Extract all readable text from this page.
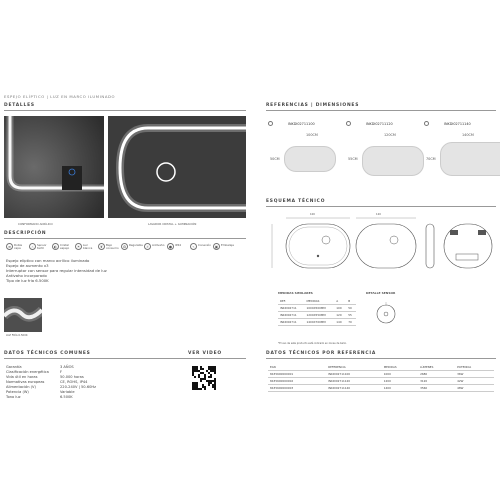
ESPEJO ELÍPTICO | LUZ EN MARCO ILUMINADO
DETALLES
CONFORMADO ACRÍLICO	LAVADOR CRISTAL + ILUMINACIÓN
DESCRIPCIÓN
≡	Doble capa	☝	Sensor táctil	◐	Cristal espejo	☀	Luz blanca	❦	Bajo consumo	⚙	Regulable ☼	Antivaho	●	IP44	⌁	Conexión	▣ Embalaje
Espejo elíptico con marco acrílico iluminado
Espejo de aumento x3
Interruptor con sensor para regular intensidad de luz
Antivaho incorporado
Tipo de luz fría 6.500K
LUZ FRÍA 6.500K
DATOS TÉCNICOS COMUNES	VER VIDEO
Garantía	3 AÑOS
Clasificación energética	F
Vida útil en horas	50.000 horas
Normativas europeas	CE, ROHS, IP44
Alimentación (V)	220-240V | 50-60Hz
Potencia (W)	Variable
Tono luz	6.500K
REFERENCIAS | DIMENSIONES
INKDI02711100
100CM
50CM
INKDI02711120
120CM
55CM
INKDI02711140
140CM
70CM
ESQUEMA TÉCNICO
100	120
MEDIDAS SIMILARES
REF.	MEDIDAS	A	B
INKDI02711	1000X500MM	100	50
INKDI02711	1200X550MM	120	55
INKDI02711	1400X700MM	140	70
*El uso de este producto está indicado en zonas de baño.
DETALLE SENSOR
DATOS TÉCNICOS POR REFERENCIA
EAN	REFERENCIA	MEDIDAS	LÚMENES	POTENCIA
8435600000001	INKDI02711100	1000	2680	36W
8435600000002	INKDI02711120	1200	3120	42W
8435600000003	INKDI02711140	1400	3560	48W
